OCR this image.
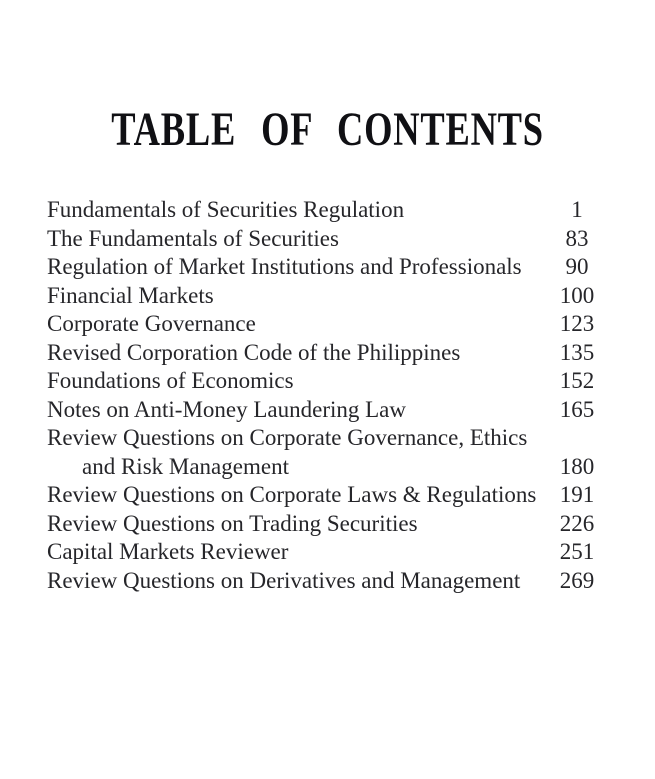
TABLE OF CONTENTS
Fundamentals of Securities Regulation	1
The Fundamentals of Securities	83
Regulation of Market Institutions and Professionals	90
Financial Markets	100
Corporate Governance	123
Revised Corporation Code of the Philippines	135
Foundations of Economics	152
Notes on Anti-Money Laundering Law	165
Review Questions on Corporate Governance, Ethics
and Risk Management	180
Review Questions on Corporate Laws & Regulations	191
Review Questions on Trading Securities	226
Capital Markets Reviewer	251
Review Questions on Derivatives and Management	269
